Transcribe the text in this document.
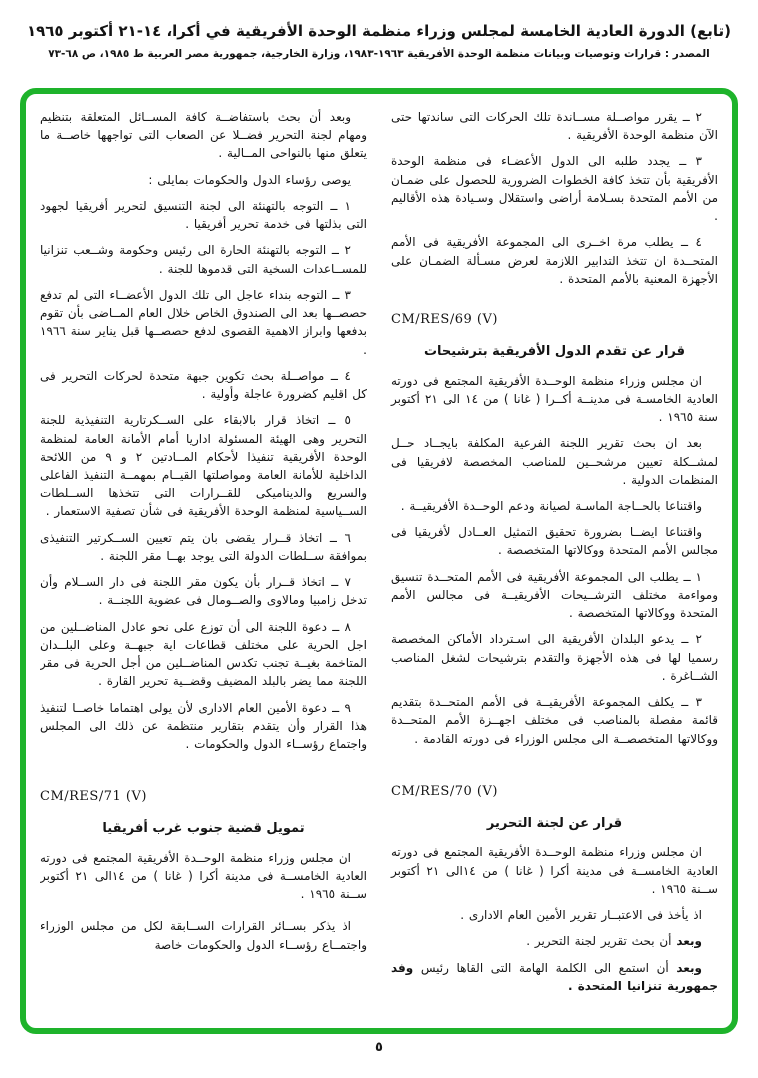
(تابع) الدورة العادية الخامسة لمجلس وزراء منظمة الوحدة الأفريقية في أكرا، ١٤-٢١ أكتوبر ١٩٦٥
المصدر : قرارات وتوصيات وبيانات منظمة الوحدة الأفريقية ١٩٦٣-١٩٨٣، وزارة الخارجية، جمهورية مصر العربية ط ١٩٨٥، ص ٦٨-٧٣

٢ ــ يقرر مواصــلة مســاندة تلك الحركات التى ساندتها حتى الآن منظمة الوحدة الأفريقية .

٣ ــ يجدد طلبه الى الدول الأعضـاء فى منظمة الوحدة الأفريقية بأن تتخذ كافة الخطوات الضرورية للحصول على ضمـان من الأمم المتحدة بسـلامة أراضى واستقلال وسـيادة هذه الأقاليم .

٤ ــ يطلب مرة اخــرى الى المجموعة الأفريقية فى الأمم المتحــدة ان تتخذ التدابير اللازمة لعرض مسـألة الضمـان على الأجهزة المعنية بالأمم المتحدة .

CM/RES/69 (V)

قرار عن تقدم الدول الأفريقية بترشيحات

ان مجلس وزراء منظمة الوحــدة الأفريقية المجتمع فى دورته العادية الخامسـة فى مدينــة أكــرا ( غانا ) من ١٤ الى ٢١ أكتوبر سنة ١٩٦٥ .

بعد ان بحث تقرير اللجنة الفرعية المكلفة بايجــاد حــل لمشــكلة تعيين مرشحــين للمناصب المخصصة لافريقيا فى المنظمات الدولية .

واقتناعا بالحــاجة الماسـة لصيانة ودعم الوحــدة الأفريقيــة .

واقتناعا ايضــا بضرورة تحقيق التمثيل العــادل لأفريقيا فى مجالس الأمم المتحدة ووكالاتها المتخصصة .

١ ــ يطلب الى المجموعة الأفريقية فى الأمم المتحــدة تنسيق ومواءمة مختلف الترشــيحات الأفريقيــة فى مجالس الأمم المتحدة ووكالاتها المتخصصة .

٢ ــ يدعو البلدان الأفريقية الى اسـترداد الأماكن المخصصة رسميا لها فى هذه الأجهزة والتقدم بترشيحات لشغل المناصب الشــاغرة .

٣ ــ يكلف المجموعة الأفريقيــة فى الأمم المتحــدة بتقديم قائمة مفصلة بالمناصب فى مختلف اجهــزة الأمم المتحــدة ووكالاتها المتخصصــة الى مجلس الوزراء فى دورته القادمة .

CM/RES/70 (V)

قرار عن لجنة التحرير

ان مجلس وزراء منظمة الوحــدة الأفريقية المجتمع فى دورته العادية الخامســة فى مدينة أكرا ( غانا ) من ١٤الى ٢١ أكتوبر ســنة ١٩٦٥ .

اذ يأخذ فى الاعتبــار تقرير الأمين العام الادارى .

وبعد أن بحث تقرير لجنة التحرير .

وبعد أن استمع الى الكلمة الهامة التى القاها رئيس وفد جمهورية تنزانيا المتحدة .

وبعد أن بحث باستفاضــة كافة المســائل المتعلقة بتنظيم ومهام لجنة التحرير فضــلا عن الصعاب التى تواجهها خاصــة ما يتعلق منها بالنواحى المــالية .

يوصى رؤساء الدول والحكومات بمايلى :

١ ــ التوجه بالتهنئة الى لجنة التنسيق لتحرير أفريقيا لجهود التى بذلتها فى خدمة تحرير أفريقيا .

٢ ــ التوجه بالتهنئة الحارة الى رئيس وحكومة وشــعب تنزانيا للمســاعدات السخية التى قدموها للجنة .

٣ ــ التوجه بنداء عاجل الى تلك الدول الأعضــاء التى لم تدفع حصصــها بعد الى الصندوق الخاص خلال العام المــاضى بأن تقوم بدفعها وابراز الاهمية القصوى لدفع حصصــها قبل يناير سنة ١٩٦٦ .

٤ ــ مواصــلة بحث تكوين جبهة متحدة لحركات التحرير فى كل اقليم كضرورة عاجلة وأولية .

٥ ــ اتخاذ قرار بالابقاء على الســكرتارية التنفيذية للجنة التحرير وهى الهيئة المسئولة اداريا أمام الأمانة العامة لمنظمة الوحدة الأفريقية تنفيذا لأحكام المــادتين ٢ و ٩ من اللائحة الداخلية للأمانة العامة ومواصلتها القيــام بمهمــة التنفيذ الفاعلى والسريع والديناميكى للقــرارات التى تتخذها الســلطات الســياسية لمنظمة الوحدة الأفريقية فى شأن تصفية الاستعمار .

٦ ــ اتخاذ قــرار يقضى بان يتم تعيين الســكرتير التنفيذى بموافقة ســلطات الدولة التى يوجد بهــا مقر اللجنة .

٧ ــ اتخاذ قــرار بأن يكون مقر اللجنة فى دار الســلام وأن تدخل زامبيا ومالاوى والصــومال فى عضوية اللجنــة .

٨ ــ دعوة اللجنة الى أن توزع على نحو عادل المناضــلين من اجل الحرية على مختلف قطاعات اية جبهــة وعلى البلــدان المتاخمة بغيــة تجنب تكدس المناضــلين من أجل الحرية فى مقر اللجنة مما يضر بالبلد المضيف وقضــية تحرير القارة .

٩ ــ دعوة الأمين العام الادارى لأن يولى اهتماما خاصــا لتنفيذ هذا القرار وأن يتقدم بتقارير منتظمة عن ذلك الى المجلس واجتماع رؤســاء الدول والحكومات .

CM/RES/71 (V)

تمويل قضية جنوب غرب أفريقيا

ان مجلس وزراء منظمة الوحــدة الأفريقية المجتمع فى دورته العادية الخامســة فى مدينة أكرا ( غانا ) من ١٤الى ٢١ أكتوبر ســنة ١٩٦٥ .

اذ يذكر بســائر القرارات الســابقة لكل من مجلس الوزراء واجتمــاع رؤســاء الدول والحكومات خاصة

٥
